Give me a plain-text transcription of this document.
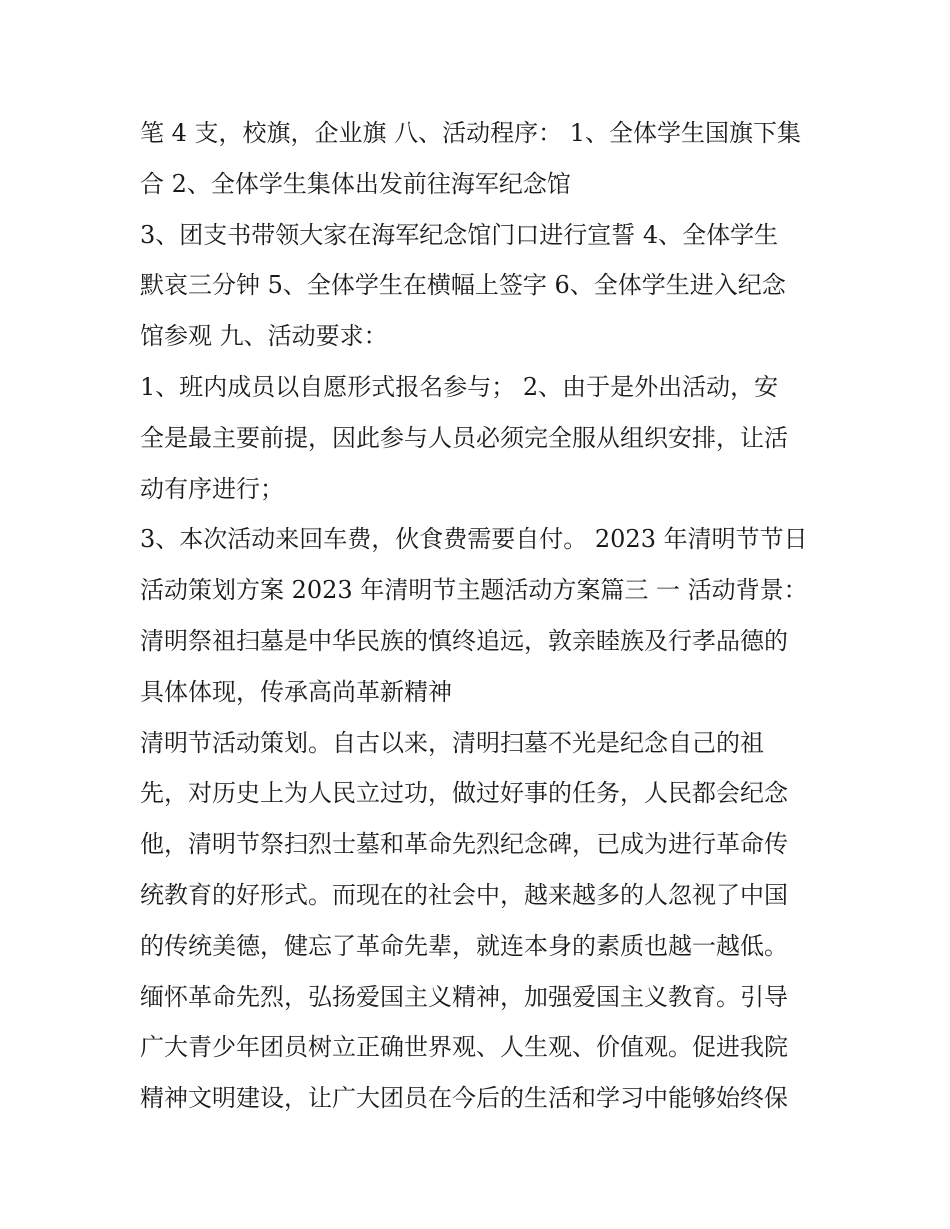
笔 4 支，校旗，企业旗 八、活动程序： 1、全体学生国旗下集
合 2、全体学生集体出发前往海军纪念馆
3、团支书带领大家在海军纪念馆门口进行宣誓 4、全体学生
默哀三分钟 5、全体学生在横幅上签字 6、全体学生进入纪念
馆参观 九、活动要求：
1、班内成员以自愿形式报名参与； 2、由于是外出活动，安
全是最主要前提，因此参与人员必须完全服从组织安排，让活
动有序进行；
3、本次活动来回车费，伙食费需要自付。 2023 年清明节节日
活动策划方案 2023 年清明节主题活动方案篇三 一 活动背景：
清明祭祖扫墓是中华民族的慎终追远，敦亲睦族及行孝品德的
具体体现，传承高尚革新精神
清明节活动策划。自古以来，清明扫墓不光是纪念自己的祖
先，对历史上为人民立过功，做过好事的任务，人民都会纪念
他，清明节祭扫烈士墓和革命先烈纪念碑，已成为进行革命传
统教育的好形式。而现在的社会中，越来越多的人忽视了中国
的传统美德，健忘了革命先辈，就连本身的素质也越一越低。
缅怀革命先烈，弘扬爱国主义精神，加强爱国主义教育。引导
广大青少年团员树立正确世界观、人生观、价值观。促进我院
精神文明建设，让广大团员在今后的生活和学习中能够始终保
